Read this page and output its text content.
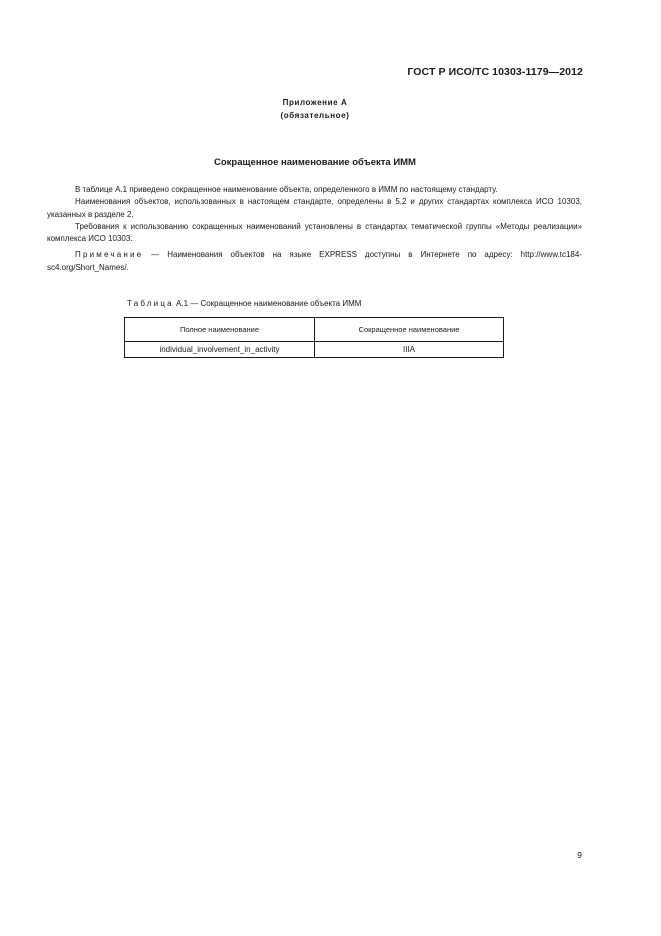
ГОСТ Р ИСО/ТС 10303-1179—2012
Приложение А
(обязательное)
Сокращенное наименование объекта ИММ

В таблице А.1 приведено сокращенное наименование объекта, определенного в ИММ по настоящему стандарту.

Наименования объектов, использованных в настоящем стандарте, определены в 5.2 и других стандартах комплекса ИСО 10303, указанных в разделе 2.

Требования к использованию сокращенных наименований установлены в стандартах тематической группы «Методы реализации» комплекса ИСО 10303.

Примечание — Наименования объектов на языке EXPRESS доступны в Интернете по адресу: http://www.tc184-sc4.org/Short_Names/.

Таблица А.1 — Сокращенное наименование объекта ИММ
Полное наименование	Сокращенное наименование
individual_involvement_in_activity	IIIA
9
